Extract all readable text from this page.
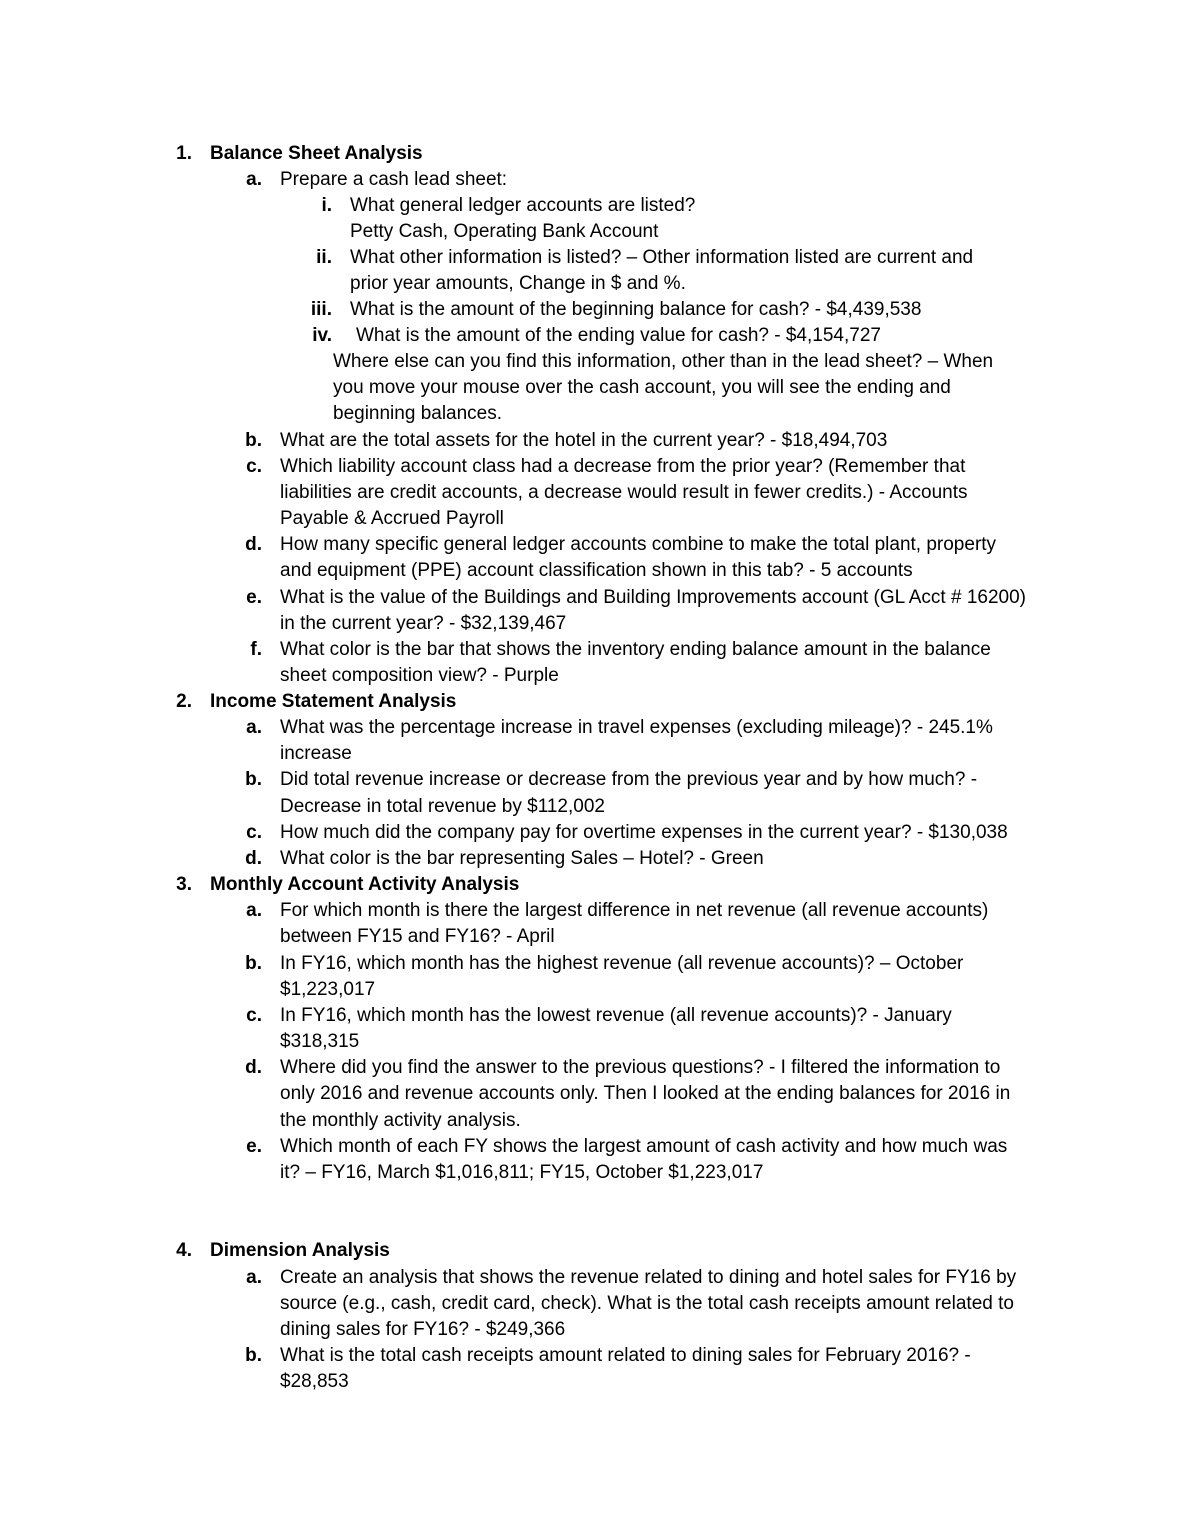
1. Balance Sheet Analysis
a. Prepare a cash lead sheet:
i. What general ledger accounts are listed?
Petty Cash, Operating Bank Account
ii. What other information is listed? – Other information listed are current and
prior year amounts, Change in $ and %.
iii. What is the amount of the beginning balance for cash? - $4,439,538
iv. What is the amount of the ending value for cash? - $4,154,727
Where else can you find this information, other than in the lead sheet? – When
you move your mouse over the cash account, you will see the ending and
beginning balances.
b. What are the total assets for the hotel in the current year? - $18,494,703
c. Which liability account class had a decrease from the prior year? (Remember that
liabilities are credit accounts, a decrease would result in fewer credits.) - Accounts
Payable & Accrued Payroll
d. How many specific general ledger accounts combine to make the total plant, property
and equipment (PPE) account classification shown in this tab? - 5 accounts
e. What is the value of the Buildings and Building Improvements account (GL Acct # 16200)
in the current year? - $32,139,467
f. What color is the bar that shows the inventory ending balance amount in the balance
sheet composition view? - Purple
2. Income Statement Analysis
a. What was the percentage increase in travel expenses (excluding mileage)? - 245.1%
increase
b. Did total revenue increase or decrease from the previous year and by how much? -
Decrease in total revenue by $112,002
c. How much did the company pay for overtime expenses in the current year? - $130,038
d. What color is the bar representing Sales – Hotel? - Green
3. Monthly Account Activity Analysis
a. For which month is there the largest difference in net revenue (all revenue accounts)
between FY15 and FY16? - April
b. In FY16, which month has the highest revenue (all revenue accounts)? – October
$1,223,017
c. In FY16, which month has the lowest revenue (all revenue accounts)? - January
$318,315
d. Where did you find the answer to the previous questions? - I filtered the information to
only 2016 and revenue accounts only. Then I looked at the ending balances for 2016 in
the monthly activity analysis.
e. Which month of each FY shows the largest amount of cash activity and how much was
it? – FY16, March $1,016,811; FY15, October $1,223,017
4. Dimension Analysis
a. Create an analysis that shows the revenue related to dining and hotel sales for FY16 by
source (e.g., cash, credit card, check). What is the total cash receipts amount related to
dining sales for FY16? - $249,366
b. What is the total cash receipts amount related to dining sales for February 2016? -
$28,853
